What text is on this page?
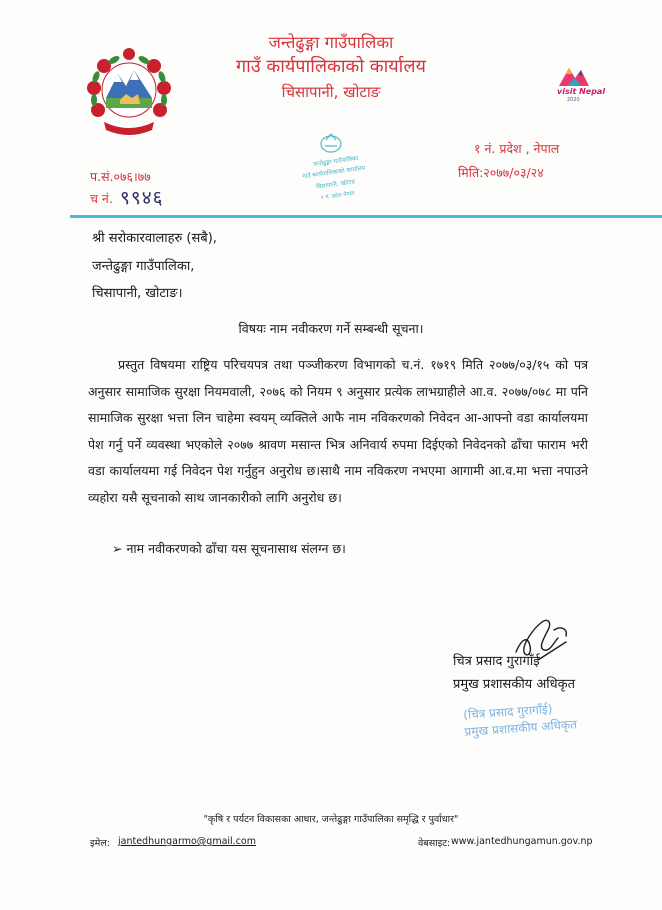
visit Nepal
2020
जन्तेढुङ्गा गाउँपालिका
गाउँ कार्यपालिकाको कार्यालय
चिसापानी, खोटाङ
१ नं. प्रदेश , नेपाल
मिति:२०७७/०३/२४
प.सं.०७६।७७
च नं. ९९४६
जन्तेढुङ्गा गाउँपालिका
गाउँ कार्यपालिकाको कार्यालय
चिसापानी, खोटाङ
१ नं. प्रदेश नेपाल
श्री सरोकारवालाहरु (सबै),
जन्तेढुङ्गा गाउँपालिका,
चिसापानी, खोटाङ।
विषयः नाम नवीकरण गर्ने सम्बन्धी सूचना।
प्रस्तुत विषयमा राष्ट्रिय परिचयपत्र तथा पञ्जीकरण विभागको च.नं. १७१९ मिति २०७७/०३/१५ को पत्र अनुसार सामाजिक सुरक्षा नियमवाली, २०७६ को नियम ९ अनुसार प्रत्येक लाभग्राहीले आ.व. २०७७/०७८ मा पनि सामाजिक सुरक्षा भत्ता लिन चाहेमा स्वयम् व्यक्तिले आफै नाम नविकरणको निवेदन आ-आफ्नो वडा कार्यालयमा पेश गर्नु पर्ने व्यवस्था भएकोले २०७७ श्रावण मसान्त भित्र अनिवार्य रुपमा दिईएको निवेदनको ढाँचा फाराम भरी वडा कार्यालयमा गई निवेदन पेश गर्नुहुन अनुरोध छ।साथै नाम नविकरण नभएमा आगामी आ.व.मा भत्ता नपाउने व्यहोरा यसै सूचनाको साथ जानकारीको लागि अनुरोध छ।
➢ नाम नवीकरणको ढाँचा यस सूचनासाथ संलग्न छ।
चित्र प्रसाद गुरागाँई
प्रमुख प्रशासकीय अधिकृत
(चित्र प्रसाद गुरागाँई)
प्रमुख प्रशासकीय अधिकृत
"कृषि र पर्यटन विकासका आधार, जन्तेढुङ्गा गाउँपालिका समृद्धि र पुर्वाधार"
इमेल: jantedhungarmo@gmail.com	वेबसाइट: www.jantedhungamun.gov.np
